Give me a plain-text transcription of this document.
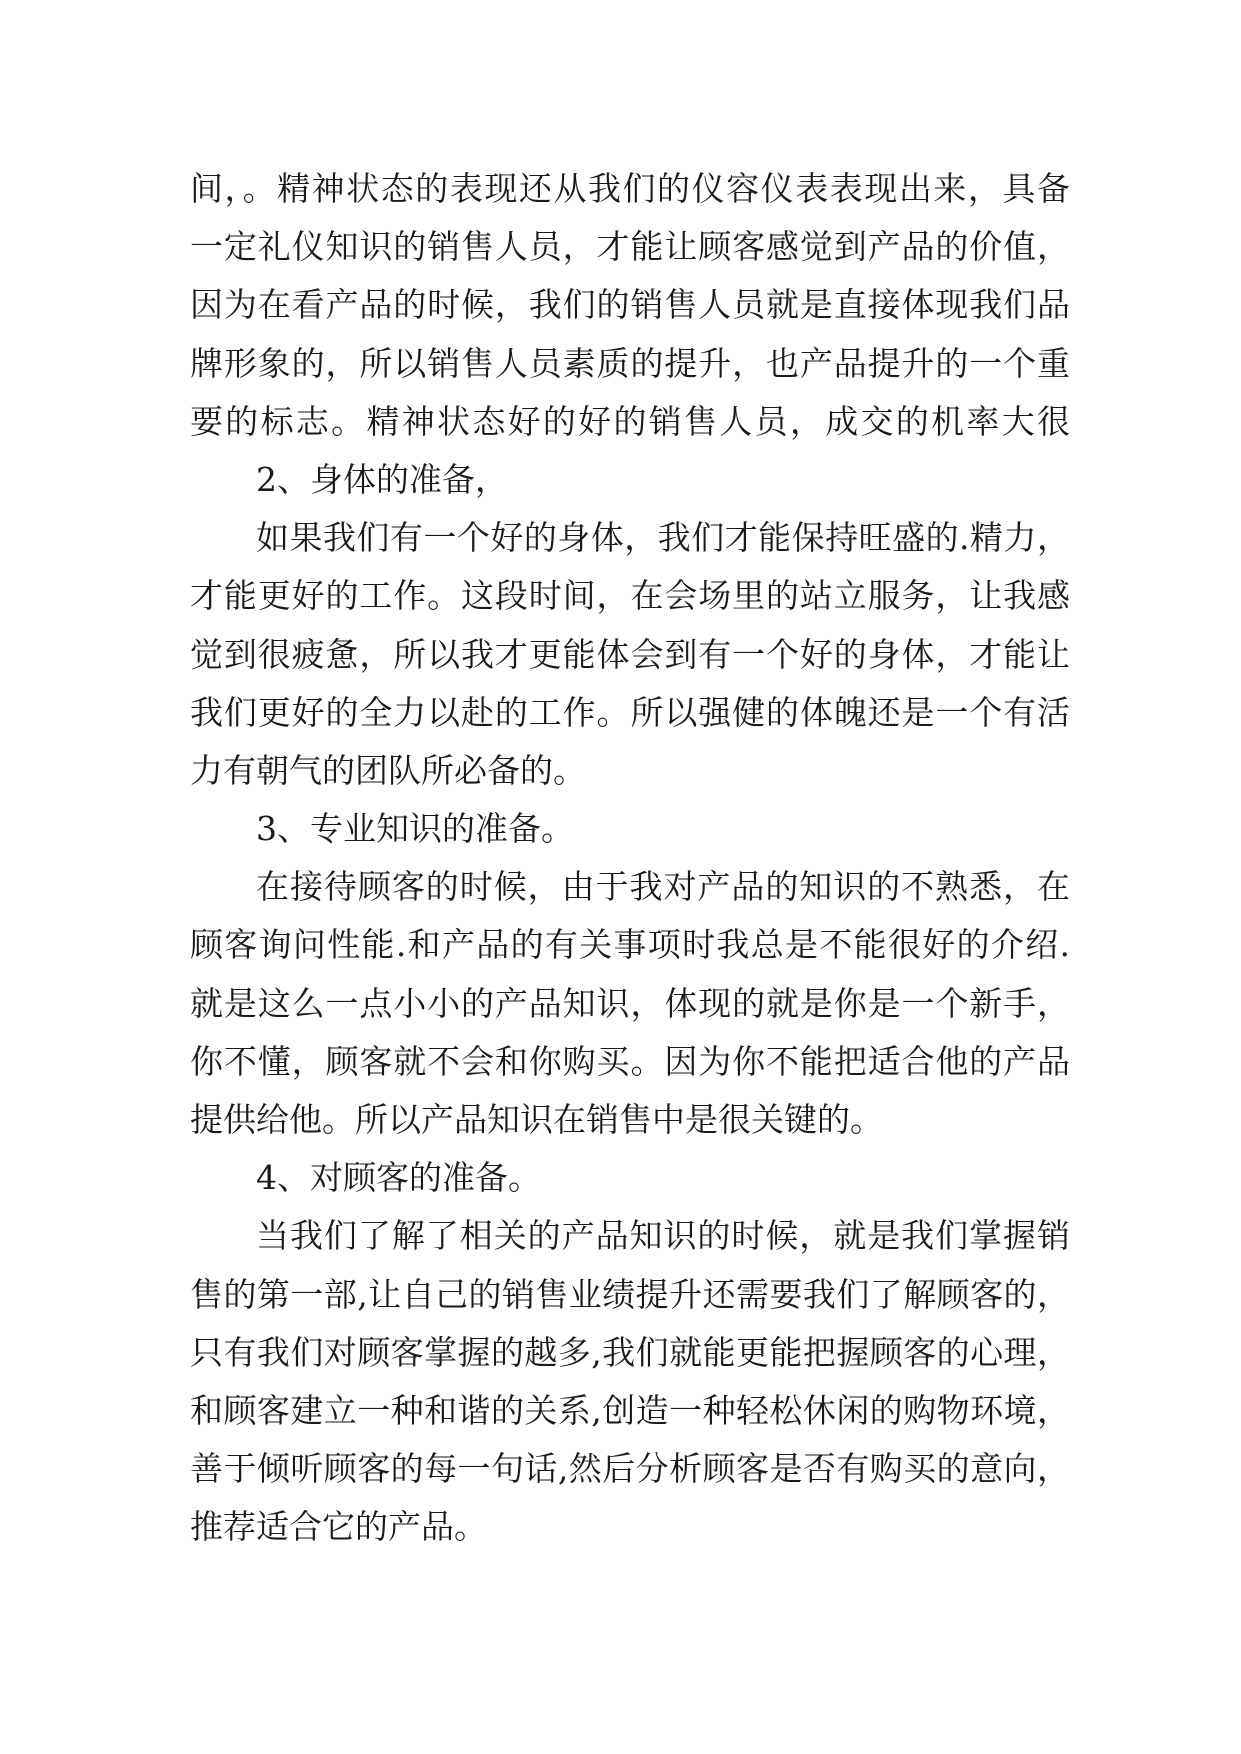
间，。精神状态的表现还从我们的仪容仪表表现出来，具备
一定礼仪知识的销售人员，才能让顾客感觉到产品的价值，
因为在看产品的时候，我们的销售人员就是直接体现我们品
牌形象的，所以销售人员素质的提升，也产品提升的一个重
要的标志。精神状态好的好的销售人员，成交的机率大很
2、身体的准备，
如果我们有一个好的身体，我们才能保持旺盛的.精力，
才能更好的工作。这段时间，在会场里的站立服务，让我感
觉到很疲惫，所以我才更能体会到有一个好的身体，才能让
我们更好的全力以赴的工作。所以强健的体魄还是一个有活
力有朝气的团队所必备的。
3、专业知识的准备。
在接待顾客的时候，由于我对产品的知识的不熟悉，在
顾客询问性能.和产品的有关事项时我总是不能很好的介绍.
就是这么一点小小的产品知识，体现的就是你是一个新手，
你不懂，顾客就不会和你购买。因为你不能把适合他的产品
提供给他。所以产品知识在销售中是很关键的。
4、对顾客的准备。
当我们了解了相关的产品知识的时候，就是我们掌握销
售的第一部,让自己的销售业绩提升还需要我们了解顾客的，
只有我们对顾客掌握的越多,我们就能更能把握顾客的心理，
和顾客建立一种和谐的关系,创造一种轻松休闲的购物环境，
善于倾听顾客的每一句话,然后分析顾客是否有购买的意向，
推荐适合它的产品。
